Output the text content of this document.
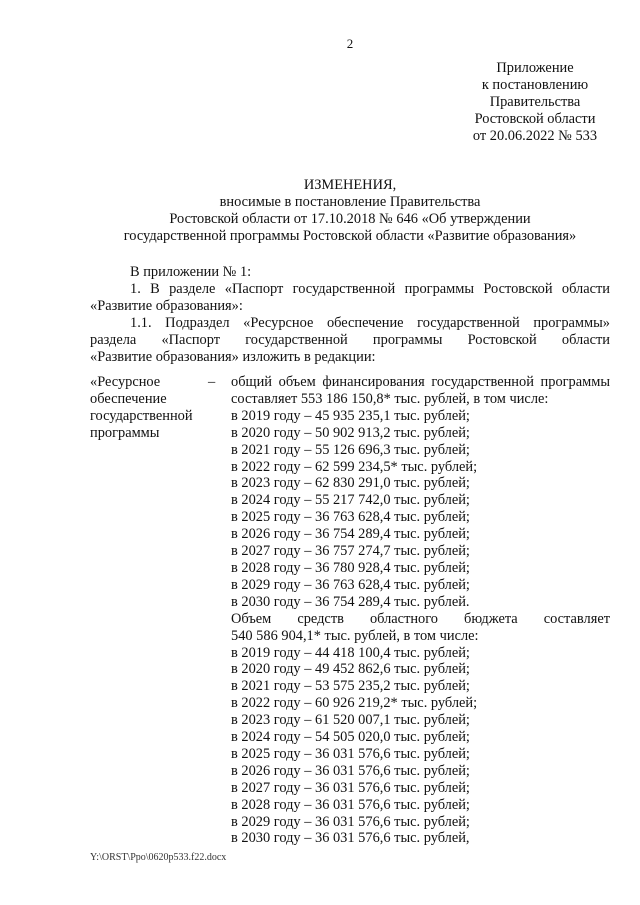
2
Приложение
к постановлению
Правительства
Ростовской области
от 20.06.2022 № 533
ИЗМЕНЕНИЯ,
вносимые в постановление Правительства
Ростовской области от 17.10.2018 № 646 «Об утверждении
государственной программы Ростовской области «Развитие образования»
В приложении № 1:
1. В разделе «Паспорт государственной программы Ростовской области
«Развитие образования»:
1.1. Подраздел «Ресурсное обеспечение государственной программы»
раздела «Паспорт государственной программы Ростовской области
«Развитие образования» изложить в редакции:
«Ресурсное
обеспечение
государственной
программы
– общий объем финансирования государственной программы
составляет 553 186 150,8* тыс. рублей, в том числе:
в 2019 году – 45 935 235,1 тыс. рублей;
в 2020 году – 50 902 913,2 тыс. рублей;
в 2021 году – 55 126 696,3 тыс. рублей;
в 2022 году – 62 599 234,5* тыс. рублей;
в 2023 году – 62 830 291,0 тыс. рублей;
в 2024 году – 55 217 742,0 тыс. рублей;
в 2025 году – 36 763 628,4 тыс. рублей;
в 2026 году – 36 754 289,4 тыс. рублей;
в 2027 году – 36 757 274,7 тыс. рублей;
в 2028 году – 36 780 928,4 тыс. рублей;
в 2029 году – 36 763 628,4 тыс. рублей;
в 2030 году – 36 754 289,4 тыс. рублей.
Объем средств областного бюджета составляет
540 586 904,1* тыс. рублей, в том числе:
в 2019 году – 44 418 100,4 тыс. рублей;
в 2020 году – 49 452 862,6 тыс. рублей;
в 2021 году – 53 575 235,2 тыс. рублей;
в 2022 году – 60 926 219,2* тыс. рублей;
в 2023 году – 61 520 007,1 тыс. рублей;
в 2024 году – 54 505 020,0 тыс. рублей;
в 2025 году – 36 031 576,6 тыс. рублей;
в 2026 году – 36 031 576,6 тыс. рублей;
в 2027 году – 36 031 576,6 тыс. рублей;
в 2028 году – 36 031 576,6 тыс. рублей;
в 2029 году – 36 031 576,6 тыс. рублей;
в 2030 году – 36 031 576,6 тыс. рублей,
Y:\ORST\Ppo\0620p533.f22.docx
